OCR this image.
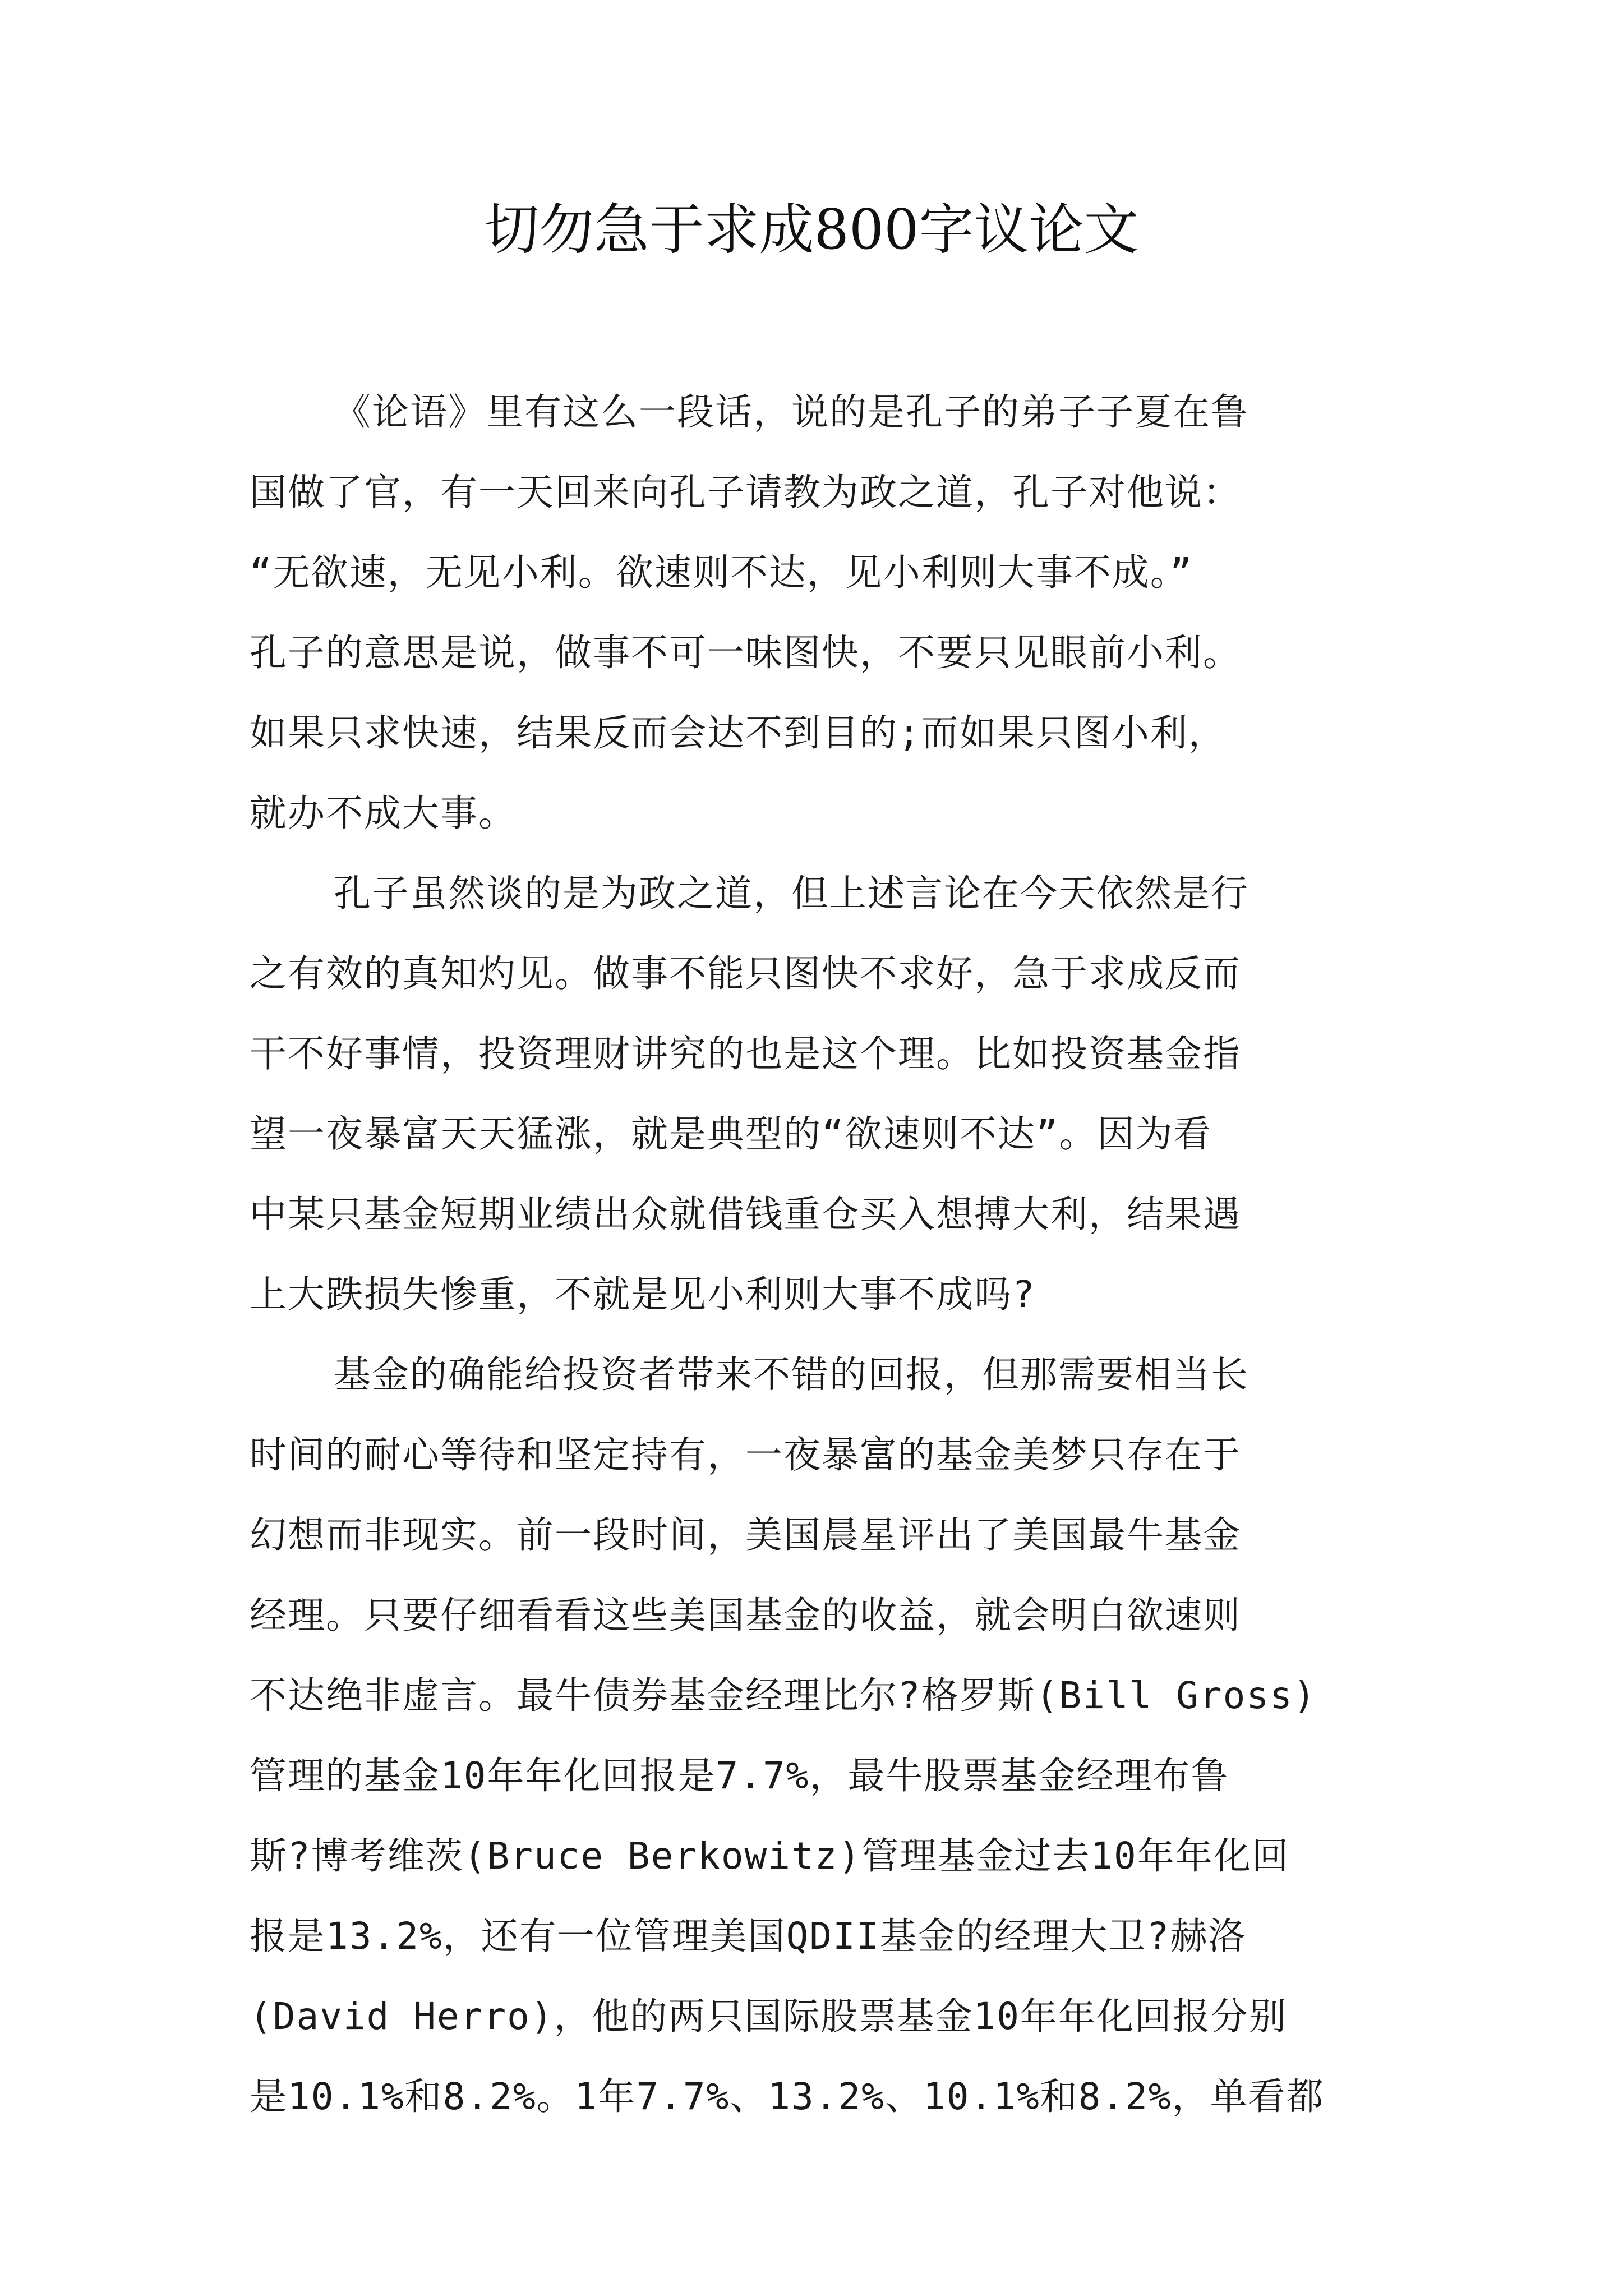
切勿急于求成800字议论文
《论语》里有这么一段话，说的是孔子的弟子子夏在鲁
国做了官，有一天回来向孔子请教为政之道，孔子对他说：
“无欲速，无见小利。欲速则不达，见小利则大事不成。”
孔子的意思是说，做事不可一味图快，不要只见眼前小利。
如果只求快速，结果反而会达不到目的;而如果只图小利，
就办不成大事。
孔子虽然谈的是为政之道，但上述言论在今天依然是行
之有效的真知灼见。做事不能只图快不求好，急于求成反而
干不好事情，投资理财讲究的也是这个理。比如投资基金指
望一夜暴富天天猛涨，就是典型的“欲速则不达”。因为看
中某只基金短期业绩出众就借钱重仓买入想搏大利，结果遇
上大跌损失惨重，不就是见小利则大事不成吗?
基金的确能给投资者带来不错的回报，但那需要相当长
时间的耐心等待和坚定持有，一夜暴富的基金美梦只存在于
幻想而非现实。前一段时间，美国晨星评出了美国最牛基金
经理。只要仔细看看这些美国基金的收益，就会明白欲速则
不达绝非虚言。最牛债券基金经理比尔?格罗斯(Bill Gross)
管理的基金10年年化回报是7.7%，最牛股票基金经理布鲁
斯?博考维茨(Bruce Berkowitz)管理基金过去10年年化回
报是13.2%，还有一位管理美国QDII基金的经理大卫?赫洛
(David Herro)，他的两只国际股票基金10年年化回报分别
是10.1%和8.2%。1年7.7%、13.2%、10.1%和8.2%，单看都
